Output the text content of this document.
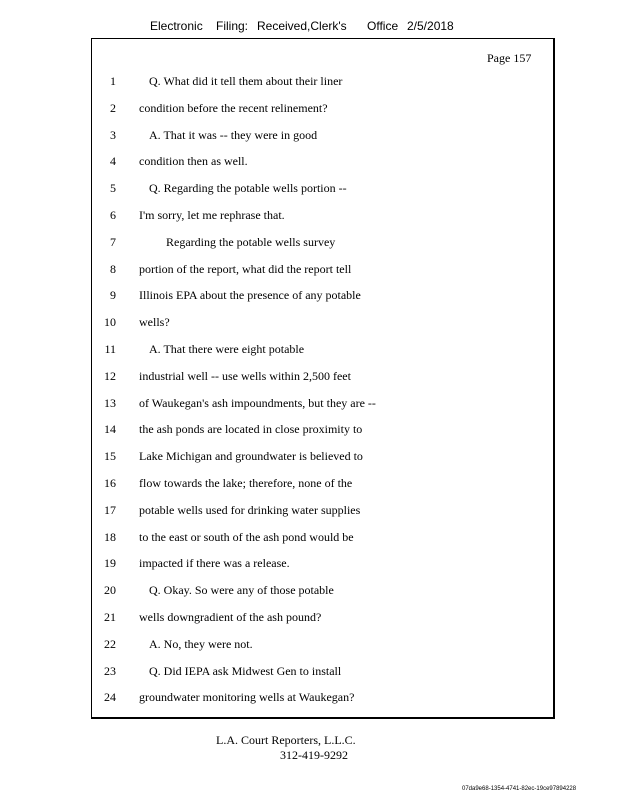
Electronic	Filing: Received,Clerk's	Office 2/5/2018
Page 157
1	Q. What did it tell them about their liner
2 condition before the recent relinement?
3	A. That it was -- they were in good
4 condition then as well.
5	Q. Regarding the potable wells portion --
6 I'm sorry, let me rephrase that.
7	Regarding the potable wells survey
8 portion of the report, what did the report tell
9 Illinois EPA about the presence of any potable
10 wells?
11	A. That there were eight potable
12 industrial well -- use wells within 2,500 feet
13 of Waukegan's ash impoundments, but they are --
14 the ash ponds are located in close proximity to
15 Lake Michigan and groundwater is believed to
16 flow towards the lake; therefore, none of the
17 potable wells used for drinking water supplies
18 to the east or south of the ash pond would be
19 impacted if there was a release.
20	Q. Okay. So were any of those potable
21 wells downgradient of the ash pound?
22	A. No, they were not.
23	Q. Did IEPA ask Midwest Gen to install
24 groundwater monitoring wells at Waukegan?
L.A. Court Reporters, L.L.C.
312-419-9292
07da9e68-1354-4741-82ec-19ce97894228
